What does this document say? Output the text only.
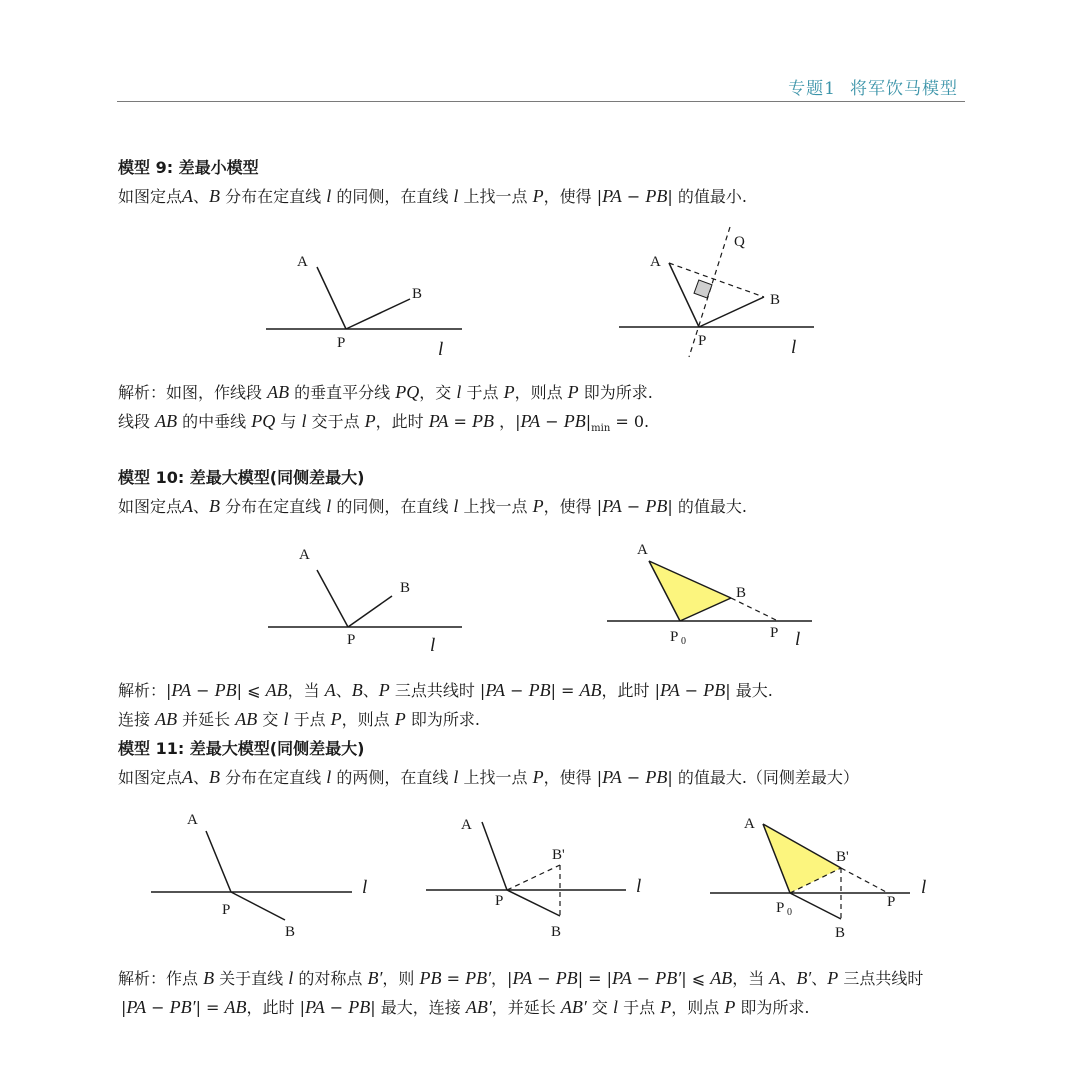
专题1 将军饮马模型
模型 9: 差最小模型
如图定点A、B 分布在定直线 l 的同侧，在直线 l 上找一点 P，使得 |PA − PB| 的值最小.
A
B
P	l
A
B
Q
P	l
解析：如图，作线段 AB 的垂直平分线 PQ，交 l 于点 P，则点 P 即为所求.
线段 AB 的中垂线 PQ 与 l 交于点 P，此时 PA = PB ，$|PA - PB|_{min} = 0$.
模型 10: 差最大模型(同侧差最大)
如图定点A、B 分布在定直线 l 的同侧，在直线 l 上找一点 P，使得 |PA − PB| 的值最大.
A
B
P	l
A
B
P 0
P l
解析：|PA − PB| ⩽ AB，当 A、B、P 三点共线时 |PA − PB| = AB，此时 |PA − PB| 最大.
连接 AB 并延长 AB 交 l 于点 P，则点 P 即为所求.
模型 11: 差最大模型(同侧差最大)
如图定点A、B 分布在定直线 l 的两侧，在直线 l 上找一点 P，使得 |PA − PB| 的值最大.（同侧差最大）
A
P
B
l
A
B'
P
B
l
A
B'
P 0
P
B
l
解析：作点 B 关于直线 l 的对称点 B′，则 PB = PB′，|PA − PB| = |PA − PB′| ⩽ AB，当 A、B′、P 三点共线时
|PA − PB′| = AB，此时 |PA − PB| 最大，连接 AB′，并延长 AB′ 交 l 于点 P，则点 P 即为所求.
